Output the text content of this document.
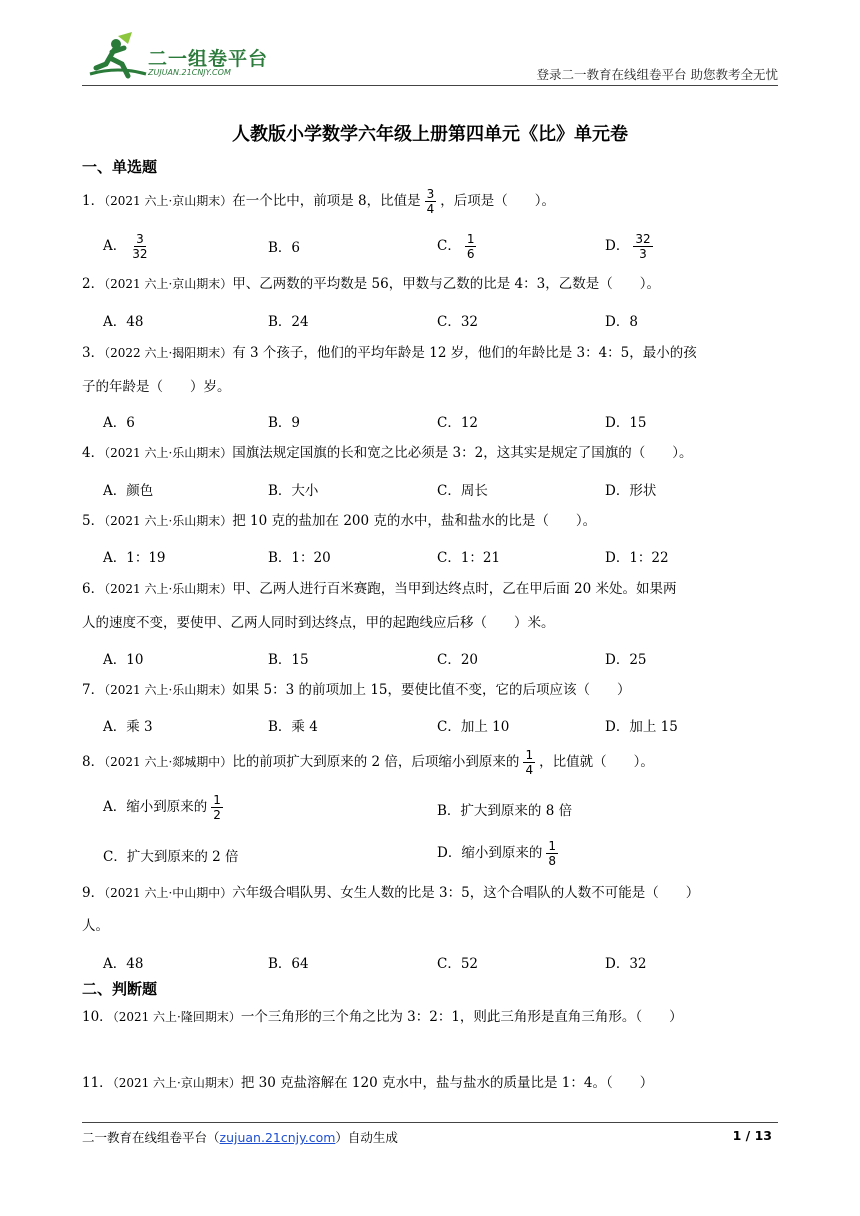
二一组卷平台
ZUJUAN.21CNJY.COM	登录二一教育在线组卷平台 助您教考全无忧
人教版小学数学六年级上册第四单元《比》单元卷
一、单选题
1．（2021 六上·京山期末）在一个比中，前项是 8，比值是 $\frac{3}{4}$ ，后项是（　　）。
A． $\frac{3}{32}$	B．6	C． $\frac{1}{6}$	D． $\frac{32}{3}$
2．（2021 六上·京山期末）甲、乙两数的平均数是 56，甲数与乙数的比是 4：3，乙数是（　　）。
A．48	B．24	C．32	D．8
3．（2022 六上·揭阳期末）有 3 个孩子，他们的平均年龄是 12 岁，他们的年龄比是 3：4：5，最小的孩
子的年龄是（　　）岁。
A．6	B．9	C．12	D．15
4．（2021 六上·乐山期末）国旗法规定国旗的长和宽之比必须是 3：2，这其实是规定了国旗的（　　）。
A．颜色	B．大小	C．周长	D．形状
5．（2021 六上·乐山期末）把 10 克的盐加在 200 克的水中，盐和盐水的比是（　　）。
A．1：19	B．1：20	C．1：21	D．1：22
6．（2021 六上·乐山期末）甲、乙两人进行百米赛跑，当甲到达终点时，乙在甲后面 20 米处。如果两
人的速度不变，要使甲、乙两人同时到达终点，甲的起跑线应后移（　　）米。
A．10	B．15	C．20	D．25
7．（2021 六上·乐山期末）如果 5：3 的前项加上 15，要使比值不变，它的后项应该（　　）
A．乘 3	B．乘 4	C．加上 10	D．加上 15
8．（2021 六上·郯城期中）比的前项扩大到原来的 2 倍，后项缩小到原来的 $\frac{1}{4}$ ，比值就（　　）。
A．缩小到原来的 $\frac{1}{2}$	B．扩大到原来的 8 倍
C．扩大到原来的 2 倍	D．缩小到原来的 $\frac{1}{8}$
9．（2021 六上·中山期中）六年级合唱队男、女生人数的比是 3：5，这个合唱队的人数不可能是（　　）
人。
A．48	B．64	C．52	D．32
二、判断题
10．（2021 六上·隆回期末）一个三角形的三个角之比为 3：2：1，则此三角形是直角三角形。（　　）
11．（2021 六上·京山期末）把 30 克盐溶解在 120 克水中，盐与盐水的质量比是 1：4。（　　）
二一教育在线组卷平台（zujuan.21cnjy.com）自动生成	1 / 13
